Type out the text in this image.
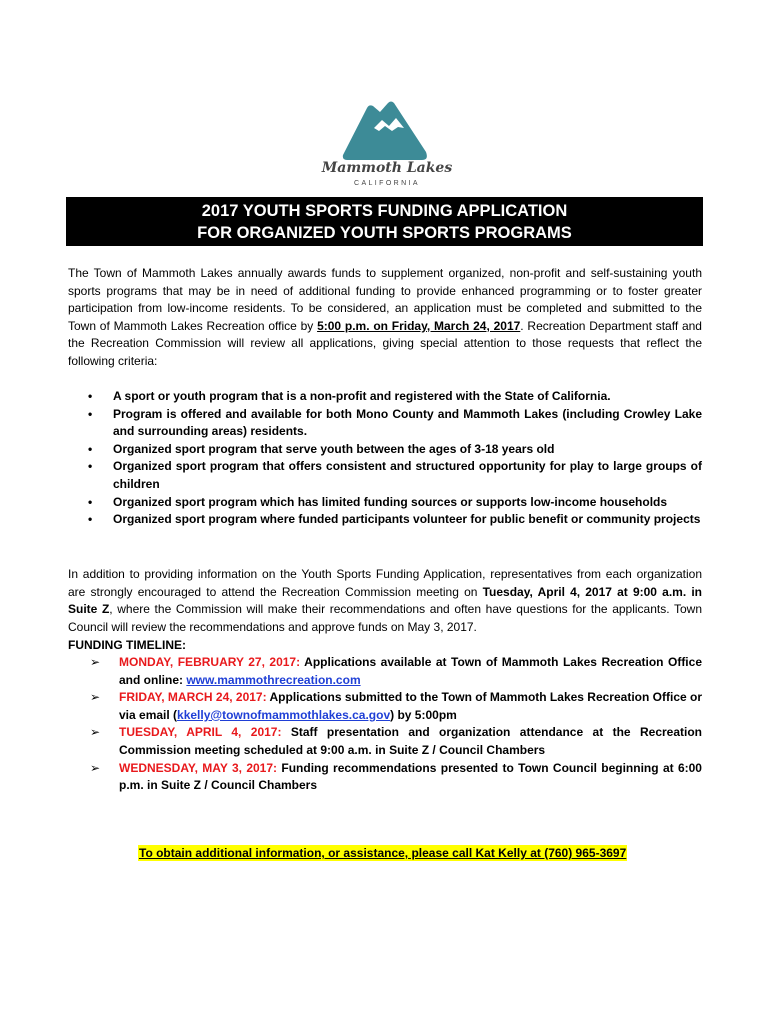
Mammoth Lakes
CALIFORNIA
2017 YOUTH SPORTS FUNDING APPLICATION
FOR ORGANIZED YOUTH SPORTS PROGRAMS
The Town of Mammoth Lakes annually awards funds to supplement organized, non-profit and self-sustaining youth sports programs that may be in need of additional funding to provide enhanced programming or to foster greater participation from low-income residents. To be considered, an application must be completed and submitted to the Town of Mammoth Lakes Recreation office by 5:00 p.m. on Friday, March 24, 2017. Recreation Department staff and the Recreation Commission will review all applications, giving special attention to those requests that reflect the following criteria:
• A sport or youth program that is a non-profit and registered with the State of California.
• Program is offered and available for both Mono County and Mammoth Lakes (including Crowley Lake and surrounding areas) residents.
• Organized sport program that serve youth between the ages of 3-18 years old
• Organized sport program that offers consistent and structured opportunity for play to large groups of children
• Organized sport program which has limited funding sources or supports low-income households
• Organized sport program where funded participants volunteer for public benefit or community projects
In addition to providing information on the Youth Sports Funding Application, representatives from each organization are strongly encouraged to attend the Recreation Commission meeting on Tuesday, April 4, 2017 at 9:00 a.m. in Suite Z, where the Commission will make their recommendations and often have questions for the applicants. Town Council will review the recommendations and approve funds on May 3, 2017.
FUNDING TIMELINE:
➢ MONDAY, FEBRUARY 27, 2017: Applications available at Town of Mammoth Lakes Recreation Office and online: www.mammothrecreation.com
➢ FRIDAY, MARCH 24, 2017: Applications submitted to the Town of Mammoth Lakes Recreation Office or via email (kkelly@townofmammothlakes.ca.gov) by 5:00pm
➢ TUESDAY, APRIL 4, 2017: Staff presentation and organization attendance at the Recreation Commission meeting scheduled at 9:00 a.m. in Suite Z / Council Chambers
➢ WEDNESDAY, MAY 3, 2017: Funding recommendations presented to Town Council beginning at 6:00 p.m. in Suite Z / Council Chambers
To obtain additional information, or assistance, please call Kat Kelly at (760) 965-3697
